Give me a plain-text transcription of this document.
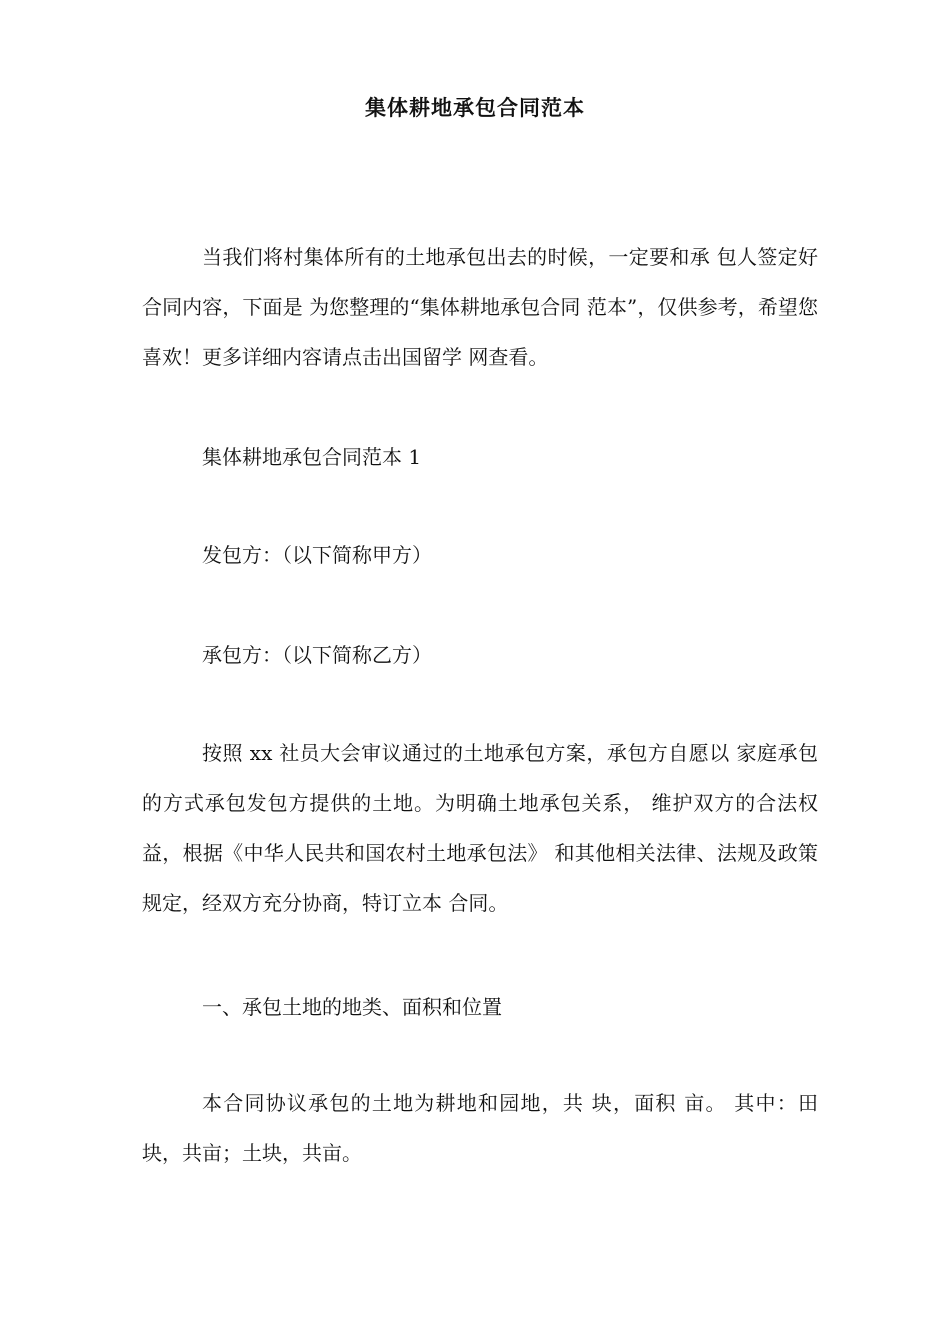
集体耕地承包合同范本

当我们将村集体所有的土地承包出去的时候，一定要和承 包人签定好合同内容，下面是 为您整理的“集体耕地承包合同 范本”，仅供参考，希望您喜欢！更多详细内容请点击出国留学 网查看。

集体耕地承包合同范本 1

发包方：（以下简称甲方）

承包方：（以下简称乙方）

按照 xx 社员大会审议通过的土地承包方案，承包方自愿以 家庭承包的方式承包发包方提供的土地。为明确土地承包关系， 维护双方的合法权益，根据《中华人民共和国农村土地承包法》 和其他相关法律、法规及政策规定，经双方充分协商，特订立本 合同。

一、承包土地的地类、面积和位置

本合同协议承包的土地为耕地和园地，共 块，面积 亩。 其中：田块，共亩；土块，共亩。
